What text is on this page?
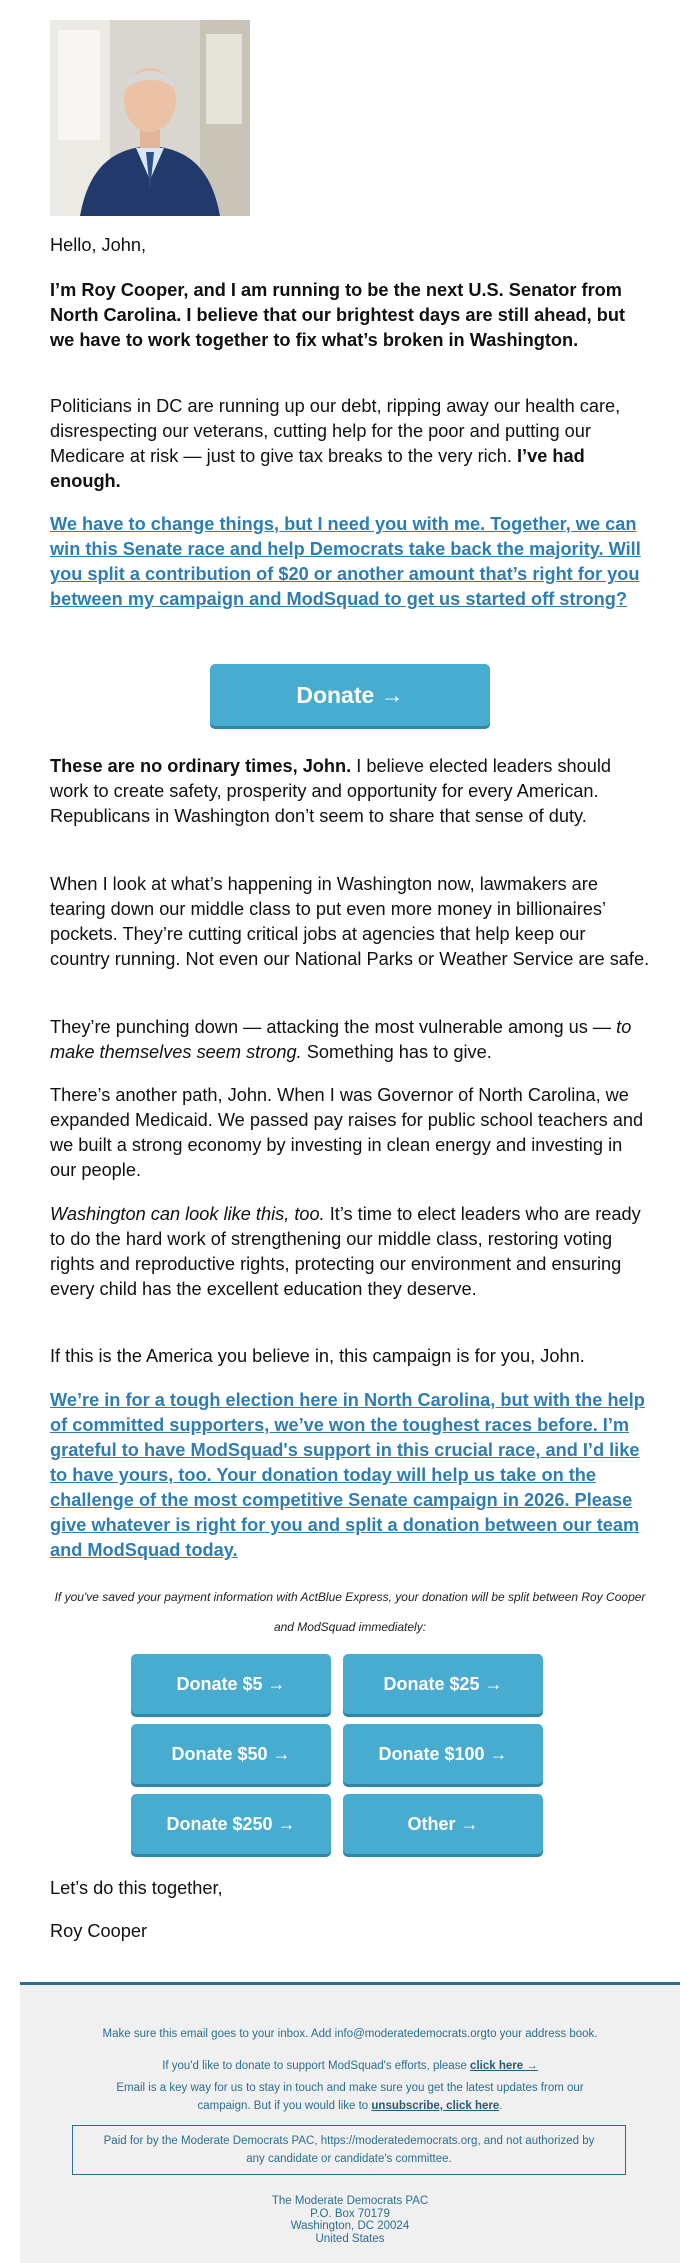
Hello, John,

I’m Roy Cooper, and I am running to be the next U.S. Senator from North Carolina. I believe that our brightest days are still ahead, but we have to work together to fix what’s broken in Washington.

Politicians in DC are running up our debt, ripping away our health care, disrespecting our veterans, cutting help for the poor and putting our Medicare at risk — just to give tax breaks to the very rich. I’ve had enough.

We have to change things, but I need you with me. Together, we can win this Senate race and help Democrats take back the majority. Will you split a contribution of $20 or another amount that’s right for you between my campaign and ModSquad to get us started off strong?

Donate →

These are no ordinary times, John. I believe elected leaders should work to create safety, prosperity and opportunity for every American. Republicans in Washington don’t seem to share that sense of duty.

When I look at what’s happening in Washington now, lawmakers are tearing down our middle class to put even more money in billionaires’ pockets. They’re cutting critical jobs at agencies that help keep our country running. Not even our National Parks or Weather Service are safe.

They’re punching down — attacking the most vulnerable among us — to make themselves seem strong. Something has to give.

There’s another path, John. When I was Governor of North Carolina, we expanded Medicaid. We passed pay raises for public school teachers and we built a strong economy by investing in clean energy and investing in our people.

Washington can look like this, too. It’s time to elect leaders who are ready to do the hard work of strengthening our middle class, restoring voting rights and reproductive rights, protecting our environment and ensuring every child has the excellent education they deserve.

If this is the America you believe in, this campaign is for you, John.

We’re in for a tough election here in North Carolina, but with the help of committed supporters, we’ve won the toughest races before. I’m grateful to have ModSquad's support in this crucial race, and I’d like to have yours, too. Your donation today will help us take on the challenge of the most competitive Senate campaign in 2026. Please give whatever is right for you and split a donation between our team and ModSquad today.

If you've saved your payment information with ActBlue Express, your donation will be split between Roy Cooper and ModSquad immediately:
Donate $5 →	Donate $25 →
Donate $50 →	Donate $100 →
Donate $250 →	Other →

Let’s do this together,

Roy Cooper

Make sure this email goes to your inbox. Add info@moderatedemocrats.orgto your address book.
If you'd like to donate to support ModSquad's efforts, please click here →
Email is a key way for us to stay in touch and make sure you get the latest updates from our campaign. But if you would like to unsubscribe, click here.
Paid for by the Moderate Democrats PAC, https://moderatedemocrats.org, and not authorized by any candidate or candidate's committee.
The Moderate Democrats PAC
P.O. Box 70179
Washington, DC 20024
United States
